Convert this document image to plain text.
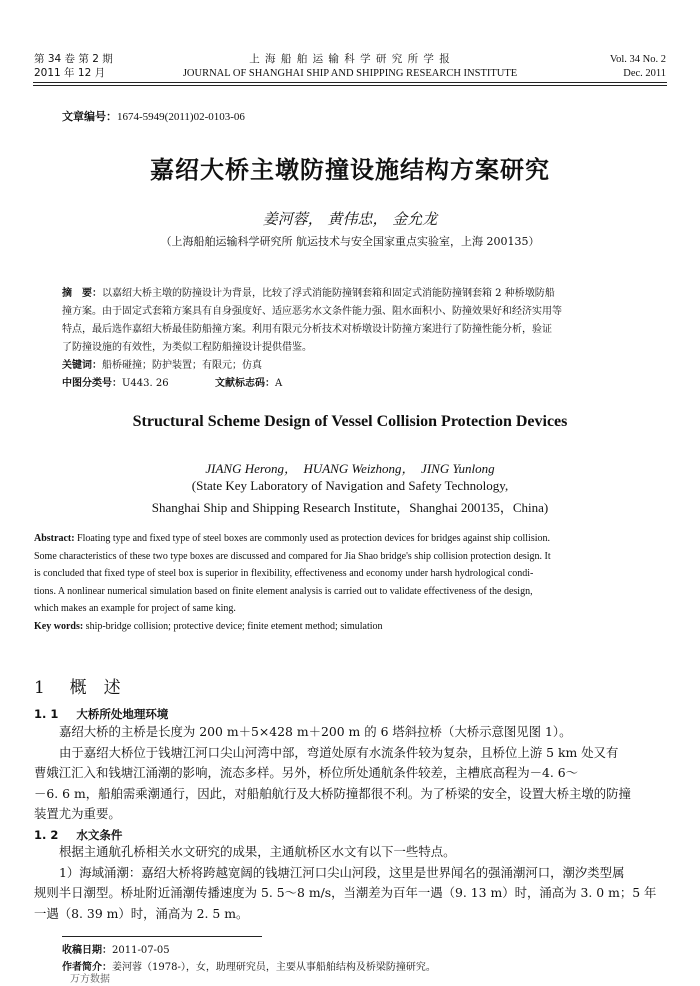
第 34 卷 第 2 期
2011 年 12 月
上 海 船 舶 运 输 科 学 研 究 所 学 报
JOURNAL OF SHANGHAI SHIP AND SHIPPING RESEARCH INSTITUTE
Vol. 34 No. 2
Dec. 2011
文章编号：1674-5949(2011)02-0103-06
嘉绍大桥主墩防撞设施结构方案研究
姜河蓉， 黄伟忠， 金允龙
（上海船舶运输科学研究所 航运技术与安全国家重点实验室，上海 200135）
摘　要：以嘉绍大桥主墩的防撞设计为背景，比较了浮式消能防撞钢套箱和固定式消能防撞钢套箱 2 种桥墩防船
撞方案。由于固定式套箱方案具有自身强度好、适应恶劣水文条件能力强、阻水面积小、防撞效果好和经济实用等
特点，最后选作嘉绍大桥最佳防船撞方案。利用有限元分析技术对桥墩设计防撞方案进行了防撞性能分析，验证
了防撞设施的有效性，为类似工程防船撞设计提供借鉴。
关键词：船桥碰撞；防护装置；有限元；仿真
中图分类号：U443. 26	文献标志码：A
Structural Scheme Design of Vessel Collision Protection Devices
JIANG Herong，　HUANG Weizhong，　JING Yunlong
(State Key Laboratory of Navigation and Safety Technology,
Shanghai Ship and Shipping Research Institute，Shanghai 200135，China)
Abstract: Floating type and fixed type of steel boxes are commonly used as protection devices for bridges against ship collision.
Some characteristics of these two type boxes are discussed and compared for Jia Shao bridge's ship collision protection design. It
is concluded that fixed type of steel box is superior in flexibility, effectiveness and economy under harsh hydrological condi-
tions. A nonlinear numerical simulation based on finite element analysis is carried out to validate effectiveness of the design,
which makes an example for project of same king.
Key words: ship-bridge collision; protective device; finite etement method; simulation
1 概　述
1. 1 大桥所处地理环境
嘉绍大桥的主桥是长度为 200 m＋5×428 m＋200 m 的 6 塔斜拉桥（大桥示意图见图 1）。
由于嘉绍大桥位于钱塘江河口尖山河湾中部，弯道处原有水流条件较为复杂，且桥位上游 5 km 处又有
曹娥江汇入和钱塘江涌潮的影响，流态多样。另外，桥位所处通航条件较差，主槽底高程为－4. 6～
－6. 6 m，船舶需乘潮通行，因此，对船舶航行及大桥防撞都很不利。为了桥梁的安全，设置大桥主墩的防撞
装置尤为重要。
1. 2 水文条件
根据主通航孔桥相关水文研究的成果，主通航桥区水文有以下一些特点。
1）海域涌潮：嘉绍大桥将跨越宽阔的钱塘江河口尖山河段，这里是世界闻名的强涌潮河口，潮汐类型属
规则半日潮型。桥址附近涌潮传播速度为 5. 5～8 m/s，当潮差为百年一遇（9. 13 m）时，涌高为 3. 0 m；5 年
一遇（8. 39 m）时，涌高为 2. 5 m。
收稿日期：2011-07-05
作者简介：姜河蓉（1978-），女，助理研究员，主要从事船舶结构及桥梁防撞研究。
万方数据
